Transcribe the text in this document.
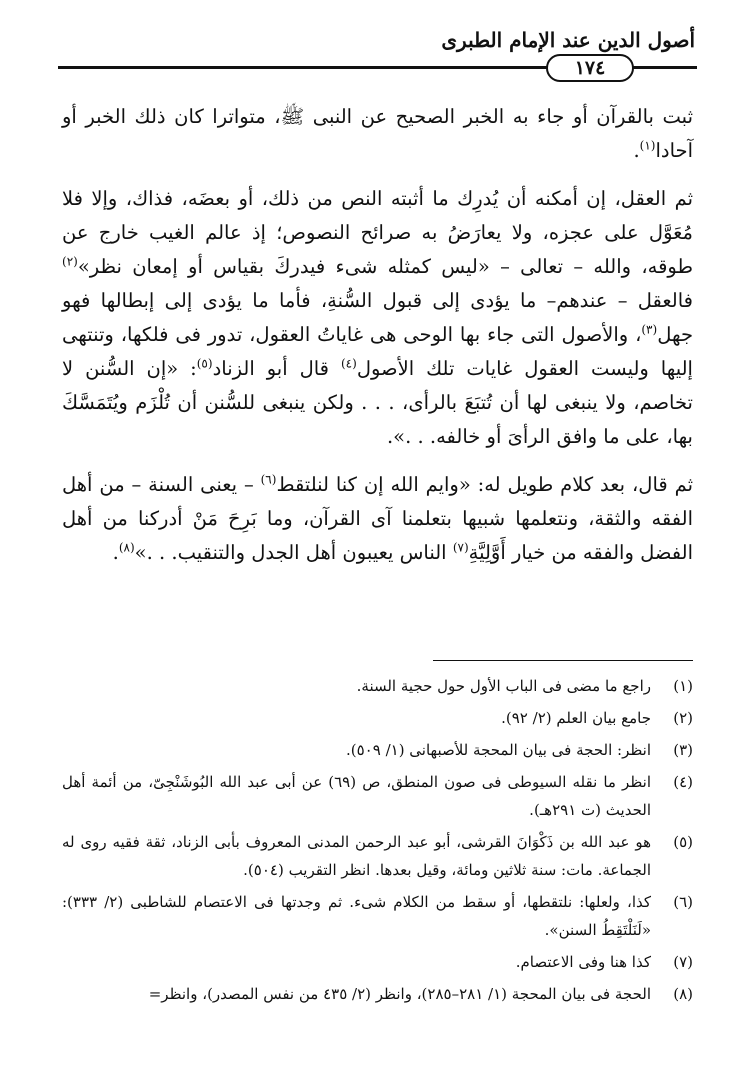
أصول الدين عند الإمام الطبرى
١٧٤

ثبت بالقرآن أو جاء به الخبر الصحيح عن النبى ﷺ، متواترا كان ذلك الخبر أو آحادا$^{(١)}$.

ثم العقل، إن أمكنه أن يُدرِك ما أثبته النص من ذلك، أو بعضَه، فذاك، وإلا فلا مُعَوَّل على عجزه، ولا يعارَضُ به صرائح النصوص؛ إذ عالم الغيب خارج عن طوقه، والله – تعالى – «ليس كمثله شىء فيدركَ بقياس أو إمعان نظر»$^{(٢)}$ فالعقل – عندهم– ما يؤدى إلى قبول السُّنةِ، فأما ما يؤدى إلى إبطالها فهو جهل$^{(٣)}$، والأصول التى جاء بها الوحى هى غاياتُ العقول، تدور فى فلكها، وتنتهى إليها وليست العقول غايات تلك الأصول$^{(٤)}$ قال أبو الزناد$^{(٥)}$: «إن السُّنن لا تخاصم، ولا ينبغى لها أن تُتبَعَ بالرأى، . . . ولكن ينبغى للسُّنن أن تُلْزَم ويُتَمَسَّكَ بها، على ما وافق الرأىَ أو خالفه. . .».

ثم قال، بعد كلام طويل له: «وايم الله إن كنا لنلتقط$^{(٦)}$ – يعنى السنة – من أهل الفقه والثقة، ونتعلمها شبيها بتعلمنا آى القرآن، وما بَرِحَ مَنْ أدركنا من أهل الفضل والفقه من خيار أَوَّلِيَّةِ$^{(٧)}$ الناس يعيبون أهل الجدل والتنقيب. . .»$^{(٨)}$.

(١)
راجع ما مضى فى الباب الأول حول حجية السنة.
(٢)
جامع بيان العلم (٢/ ٩٢).
(٣)
انظر: الحجة فى بيان المحجة للأصبهانى (١/ ٥٠٩).
(٤)
انظر ما نقله السيوطى فى صون المنطق، ص (٦٩) عن أبى عبد الله البُوشَنْجِىّ، من أئمة أهل الحديث (ت ٢٩١هـ).
(٥)
هو عبد الله بن ذَكْوَانَ القرشى، أبو عبد الرحمن المدنى المعروف بأبى الزناد، ثقة فقيه روى له الجماعة. مات: سنة ثلاثين ومائة، وقيل بعدها. انظر التقريب (٥٠٤).
(٦)
كذا، ولعلها: نلتقطها، أو سقط من الكلام شىء. ثم وجدتها فى الاعتصام للشاطبى (٢/ ٣٣٣): «لَنَلْتَقِطُ السنن».
(٧)
كذا هنا وفى الاعتصام.
(٨)
الحجة فى بيان المحجة (١/ ٢٨١–٢٨٥)، وانظر (٢/ ٤٣٥ من نفس المصدر)، وانظر=
